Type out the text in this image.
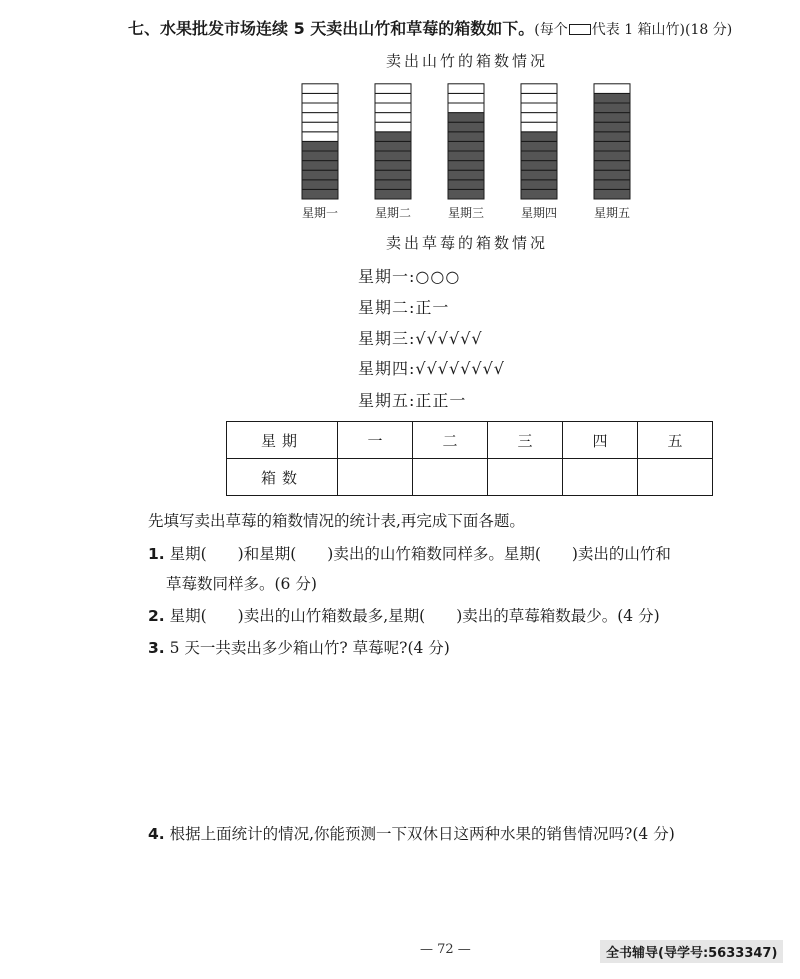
七、水果批发市场连续 5 天卖出山竹和草莓的箱数如下。(每个 代表 1 箱山竹)(18 分)
卖出山竹的箱数情况
星期一	星期二	星期三	星期四	星期五
卖出草莓的箱数情况
星期一:○○○
星期二:正一
星期三:√√√√√√
星期四:√√√√√√√√
星期五:正正一
星期	一	二	三	四	五
箱数					
先填写卖出草莓的箱数情况的统计表,再完成下面各题。
1. 星期(　　)和星期(　　)卖出的山竹箱数同样多。星期(　　)卖出的山竹和
草莓数同样多。(6 分)
2. 星期(　　)卖出的山竹箱数最多,星期(　　)卖出的草莓箱数最少。(4 分)
3. 5 天一共卖出多少箱山竹? 草莓呢?(4 分)
4. 根据上面统计的情况,你能预测一下双休日这两种水果的销售情况吗?(4 分)
— 72 —	全书辅导(导学号:5633347)
